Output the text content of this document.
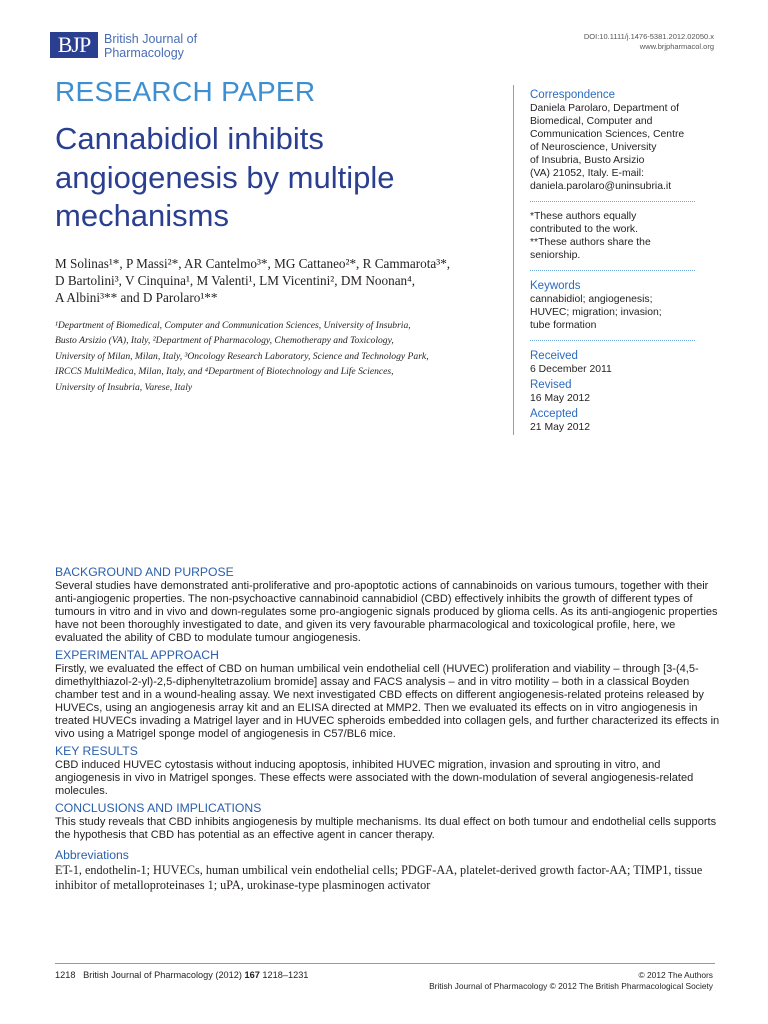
BJP	British Journal of
Pharmacology
DOI:10.1111/j.1476-5381.2012.02050.x
www.brjpharmacol.org
RESEARCH PAPER
Cannabidiol inhibits angiogenesis by multiple mechanisms
M Solinas¹*, P Massi²*, AR Cantelmo³*, MG Cattaneo²*, R Cammarota³*,
D Bartolini³, V Cinquina¹, M Valenti¹, LM Vicentini², DM Noonan⁴,
A Albini³** and D Parolaro¹**
¹Department of Biomedical, Computer and Communication Sciences, University of Insubria,
Busto Arsizio (VA), Italy, ²Department of Pharmacology, Chemotherapy and Toxicology,
University of Milan, Milan, Italy, ³Oncology Research Laboratory, Science and Technology Park,
IRCCS MultiMedica, Milan, Italy, and ⁴Department of Biotechnology and Life Sciences,
University of Insubria, Varese, Italy
Correspondence
Daniela Parolaro, Department of
Biomedical, Computer and
Communication Sciences, Centre
of Neuroscience, University
of Insubria, Busto Arsizio
(VA) 21052, Italy. E-mail:
daniela.parolaro@uninsubria.it
*These authors equally
contributed to the work.
**These authors share the
seniorship.
Keywords
cannabidiol; angiogenesis;
HUVEC; migration; invasion;
tube formation
Received
6 December 2011
Revised
16 May 2012
Accepted
21 May 2012
BACKGROUND AND PURPOSE

Several studies have demonstrated anti-proliferative and pro-apoptotic actions of cannabinoids on various tumours, together with their anti-angiogenic properties. The non-psychoactive cannabinoid cannabidiol (CBD) effectively inhibits the growth of different types of tumours in vitro and in vivo and down-regulates some pro-angiogenic signals produced by glioma cells. As its anti-angiogenic properties have not been thoroughly investigated to date, and given its very favourable pharmacological and toxicological profile, here, we evaluated the ability of CBD to modulate tumour angiogenesis.

EXPERIMENTAL APPROACH

Firstly, we evaluated the effect of CBD on human umbilical vein endothelial cell (HUVEC) proliferation and viability – through [3-(4,5-dimethylthiazol-2-yl)-2,5-diphenyltetrazolium bromide] assay and FACS analysis – and in vitro motility – both in a classical Boyden chamber test and in a wound-healing assay. We next investigated CBD effects on different angiogenesis-related proteins released by HUVECs, using an angiogenesis array kit and an ELISA directed at MMP2. Then we evaluated its effects on in vitro angiogenesis in treated HUVECs invading a Matrigel layer and in HUVEC spheroids embedded into collagen gels, and further characterized its effects in vivo using a Matrigel sponge model of angiogenesis in C57/BL6 mice.

KEY RESULTS

CBD induced HUVEC cytostasis without inducing apoptosis, inhibited HUVEC migration, invasion and sprouting in vitro, and angiogenesis in vivo in Matrigel sponges. These effects were associated with the down-modulation of several angiogenesis-related molecules.

CONCLUSIONS AND IMPLICATIONS

This study reveals that CBD inhibits angiogenesis by multiple mechanisms. Its dual effect on both tumour and endothelial cells supports the hypothesis that CBD has potential as an effective agent in cancer therapy.

Abbreviations

ET-1, endothelin-1; HUVECs, human umbilical vein endothelial cells; PDGF-AA, platelet-derived growth factor-AA; TIMP1, tissue inhibitor of metalloproteinases 1; uPA, urokinase-type plasminogen activator

1218 British Journal of Pharmacology (2012) 167 1218–1231	© 2012 The Authors
British Journal of Pharmacology © 2012 The British Pharmacological Society
